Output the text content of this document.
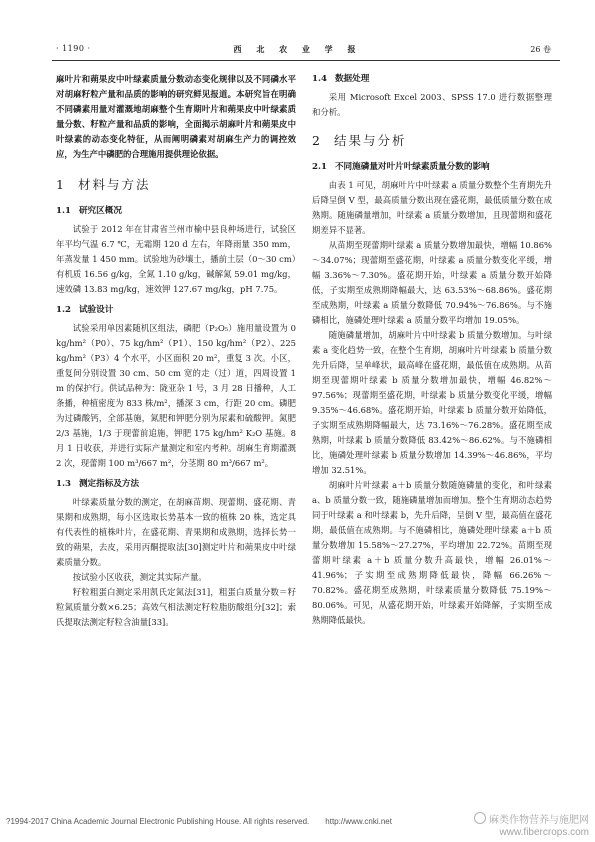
· 1190 ·	西 北 农 业 学 报	26 卷

麻叶片和蒴果皮中叶绿素质量分数动态变化规律以及不同磷水平对胡麻籽粒产量和品质的影响的研究鲜见报道。本研究旨在明确不同磷素用量对灌溉地胡麻整个生育期叶片和蒴果皮中叶绿素质量分数、籽粒产量和品质的影响，全面揭示胡麻叶片和蒴果皮中叶绿素的动态变化特征，从而阐明磷素对胡麻生产力的调控效应，为生产中磷肥的合理施用提供理论依据。

1 材料与方法
1.1 研究区概况

试验于 2012 年在甘肃省兰州市榆中县良种场进行，试验区年平均气温 6.7 ℃，无霜期 120 d 左右，年降雨量 350 mm，年蒸发量 1 450 mm。试验地为砂壤土，播前土层（0～30 cm）有机质 16.56 g/kg，全氮 1.10 g/kg，碱解氮 59.01 mg/kg，速效磷 13.83 mg/kg，速效钾 127.67 mg/kg，pH 7.75。

1.2 试验设计

试验采用单因素随机区组法，磷肥（P₂O₅）施用量设置为 0 kg/hm²（P0）、75 kg/hm²（P1）、150 kg/hm²（P2）、225 kg/hm²（P3）4 个水平，小区面积 20 m²，重复 3 次。小区，重复间分别设置 30 cm、50 cm 宽的走（过）道，四周设置 1 m 的保护行。供试品种为：陇亚杂 1 号，3 月 28 日播种，人工条播，种植密度为 833 株/m²，播深 3 cm，行距 20 cm。磷肥为过磷酸钙，全部基施，氮肥和钾肥分别为尿素和硫酸钾。氮肥 2/3 基施，1/3 于现蕾前追施，钾肥 175 kg/hm² K₂O 基施。8 月 1 日收获，并进行实际产量测定和室内考种。胡麻生育期灌溉 2 次，现蕾期 100 m³/667 m²，分茎期 80 m³/667 m²。

1.3 测定指标及方法

叶绿素质量分数的测定，在胡麻苗期、现蕾期、盛花期、青果期和成熟期，每小区选取长势基本一致的植株 20 株，选定具有代表性的植株叶片，在盛花期、青果期和成熟期，选择长势一致的蒴果，去皮，采用丙酮提取法[30]测定叶片和蒴果皮中叶绿素质量分数。

按试验小区收获，测定其实际产量。

籽粒粗蛋白测定采用凯氏定氮法[31]，粗蛋白质量分数＝籽粒氮质量分数×6.25；高效气相法测定籽粒脂肪酸组分[32]；索氏提取法测定籽粒含油量[33]。

1.4 数据处理

采用 Microsoft Excel 2003、SPSS 17.0 进行数据整理和分析。

2 结果与分析
2.1 不同施磷量对叶片叶绿素质量分数的影响

由表 1 可见，胡麻叶片中叶绿素 a 质量分数整个生育期先升后降呈倒 V 型，最高质量分数出现在盛花期，最低质量分数在成熟期。随施磷量增加，叶绿素 a 质量分数增加，且现蕾期和盛花期差异不显著。

从苗期至现蕾期叶绿素 a 质量分数增加最快，增幅 10.86%～34.07%；现蕾期至盛花期，叶绿素 a 质量分数变化平缓，增幅 3.36%～7.30%。盛花期开始，叶绿素 a 质量分数开始降低，子实期至成熟期降幅最大，达 63.53%～68.86%。盛花期至成熟期，叶绿素 a 质量分数降低 70.94%～76.86%。与不施磷相比，施磷处理叶绿素 a 质量分数平均增加 19.05%。

随施磷量增加，胡麻叶片中叶绿素 b 质量分数增加。与叶绿素 a 变化趋势一致，在整个生育期，胡麻叶片叶绿素 b 质量分数先升后降，呈单峰状，最高峰在盛花期，最低值在成熟期。从苗期至现蕾期叶绿素 b 质量分数增加最快，增幅 46.82%～97.56%；现蕾期至盛花期，叶绿素 b 质量分数变化平缓，增幅 9.35%～46.68%。盛花期开始，叶绿素 b 质量分数开始降低，子实期至成熟期降幅最大，达 73.16%～76.28%。盛花期至成熟期，叶绿素 b 质量分数降低 83.42%～86.62%。与不施磷相比，施磷处理叶绿素 b 质量分数增加 14.39%～46.86%，平均增加 32.51%。

胡麻叶片叶绿素 a＋b 质量分数随施磷量的变化，和叶绿素 a、b 质量分数一致，随施磷量增加而增加。整个生育期动态趋势同于叶绿素 a 和叶绿素 b，先升后降，呈倒 V 型，最高值在盛花期，最低值在成熟期。与不施磷相比，施磷处理叶绿素 a＋b 质量分数增加 15.58%～27.27%，平均增加 22.72%。苗期至现蕾期叶绿素 a＋b 质量分数升高最快，增幅 26.01%～41.96%；子实期至成熟期降低最快，降幅 66.26%～70.82%。盛花期至成熟期，叶绿素质量分数降低 75.19%～80.06%。可见，从盛花期开始，叶绿素开始降解，子实期至成熟期降低最快。

?1994-2017 China Academic Journal Electronic Publishing House. All rights reserved.　　http://www.cnki.net	麻类作物营养与施肥网
www.fibercrops.com
